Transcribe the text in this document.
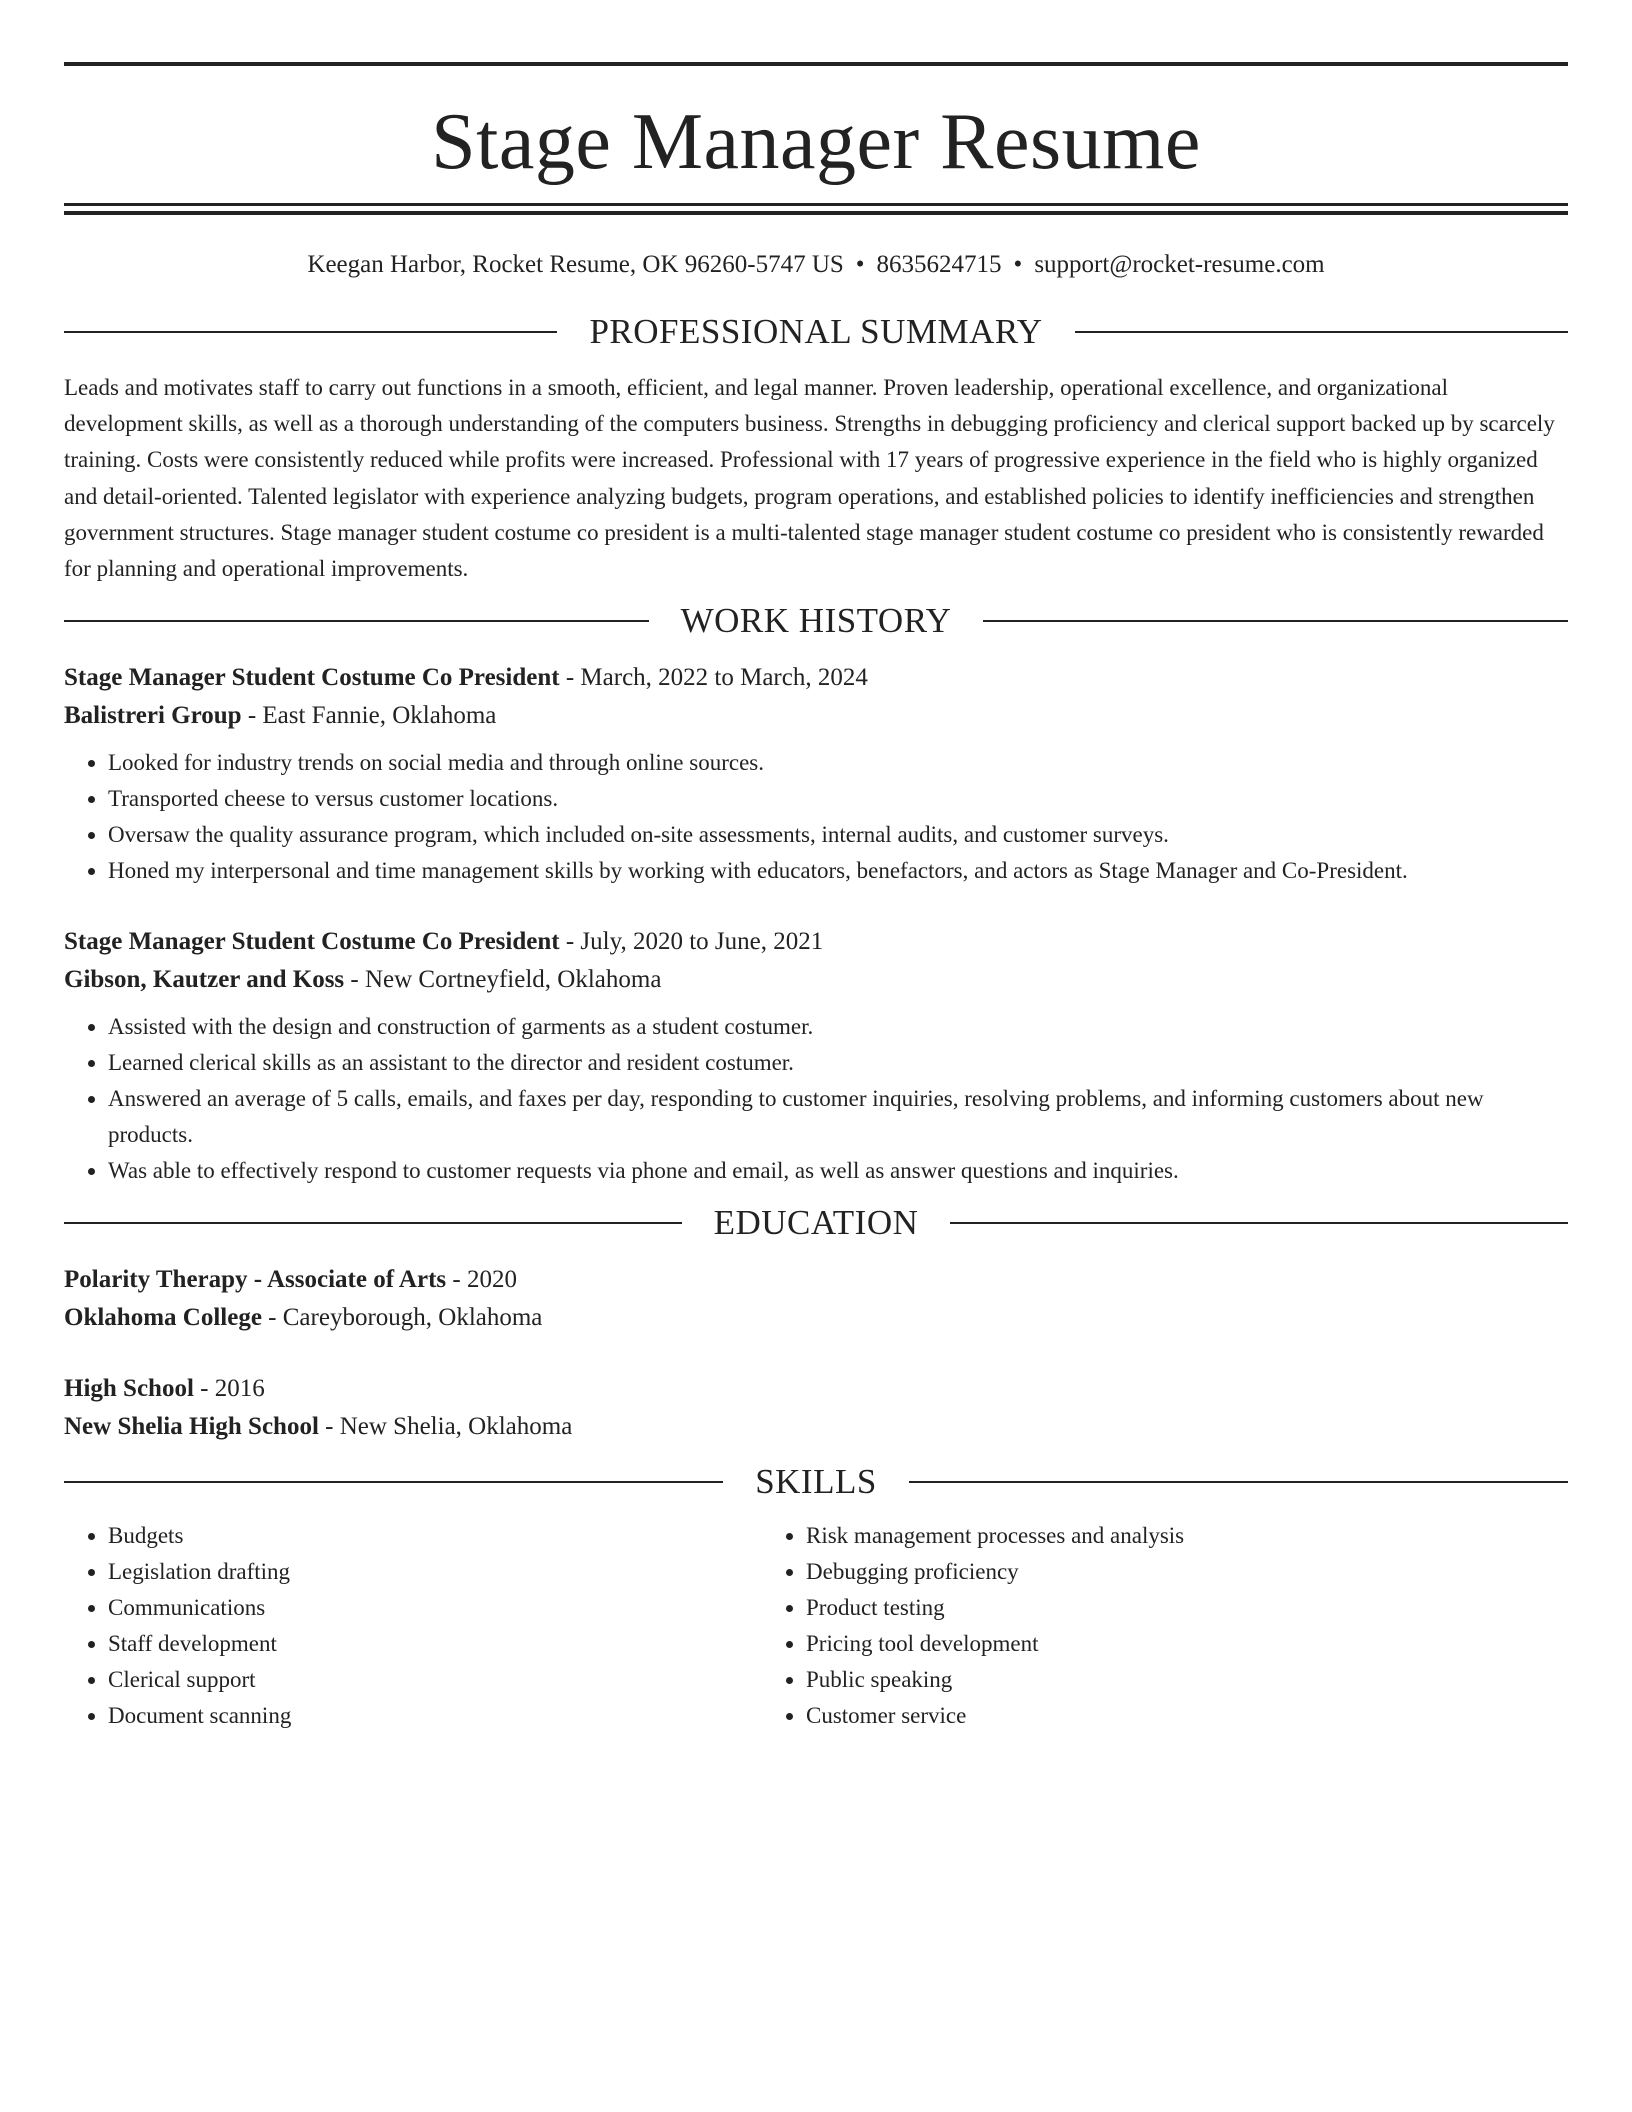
Stage Manager Resume
Keegan Harbor, Rocket Resume, OK 96260-5747 US • 8635624715 • support@rocket-resume.com
PROFESSIONAL SUMMARY

Leads and motivates staff to carry out functions in a smooth, efficient, and legal manner. Proven leadership, operational excellence, and organizational development skills, as well as a thorough understanding of the computers business. Strengths in debugging proficiency and clerical support backed up by scarcely training. Costs were consistently reduced while profits were increased. Professional with 17 years of progressive experience in the field who is highly organized and detail-oriented. Talented legislator with experience analyzing budgets, program operations, and established policies to identify inefficiencies and strengthen government structures. Stage manager student costume co president is a multi-talented stage manager student costume co president who is consistently rewarded for planning and operational improvements.

WORK HISTORY
Stage Manager Student Costume Co President - March, 2022 to March, 2024
Balistreri Group - East Fannie, Oklahoma
• Looked for industry trends on social media and through online sources.
• Transported cheese to versus customer locations.
• Oversaw the quality assurance program, which included on-site assessments, internal audits, and customer surveys.
• Honed my interpersonal and time management skills by working with educators, benefactors, and actors as Stage Manager and Co-President.
Stage Manager Student Costume Co President - July, 2020 to June, 2021
Gibson, Kautzer and Koss - New Cortneyfield, Oklahoma
• Assisted with the design and construction of garments as a student costumer.
• Learned clerical skills as an assistant to the director and resident costumer.
• Answered an average of 5 calls, emails, and faxes per day, responding to customer inquiries, resolving problems, and informing customers about new products.
• Was able to effectively respond to customer requests via phone and email, as well as answer questions and inquiries.
EDUCATION
Polarity Therapy - Associate of Arts - 2020
Oklahoma College - Careyborough, Oklahoma
High School - 2016
New Shelia High School - New Shelia, Oklahoma
SKILLS
• Budgets
• Legislation drafting
• Communications
• Staff development
• Clerical support
• Document scanning
• Risk management processes and analysis
• Debugging proficiency
• Product testing
• Pricing tool development
• Public speaking
• Customer service
